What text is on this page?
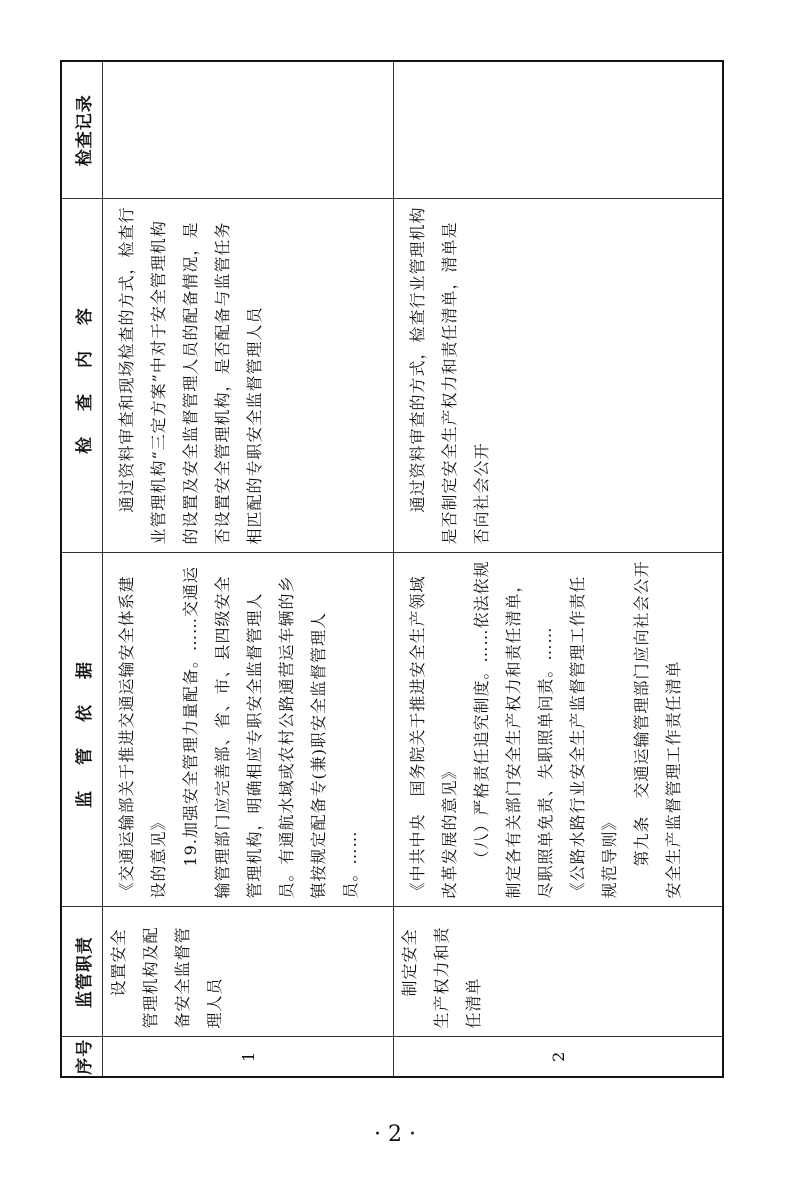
序号	监管职责	监 管 依 据	检 查 内 容	检查记录
1	设置安全管理机构及配备安全监督管理人员	《交通运输部关于推进交通运输安全体系建设的意见》 19.加强安全管理力量配备。……交通运输管理部门应完善部、省、市、县四级安全管理机构，明确相应专职安全监督管理人员。有通航水域或农村公路通营运车辆的乡镇按规定配备专(兼)职安全监督管理人员。……	通过资料审查和现场检查的方式，检查行业管理机构“三定方案”中对于安全管理机构的设置及安全监督管理人员的配备情况，是否设置安全管理机构，是否配备与监管任务相匹配的专职安全监督管理人员	

2	制定安全生产权力和责任清单	《中共中央　国务院关于推进安全生产领域改革发展的意见》 （八）严格责任追究制度。……依法依规制定各有关部门安全生产权力和责任清单，尽职照单免责、失职照单问责。…… 《公路水路行业安全生产监督管理工作责任规范导则》 第九条　交通运输管理部门应向社会公开安全生产监督管理工作责任清单	通过资料审查的方式，检查行业管理机构是否制定安全生产权力和责任清单，清单是否向社会公开	

· 2 ·
